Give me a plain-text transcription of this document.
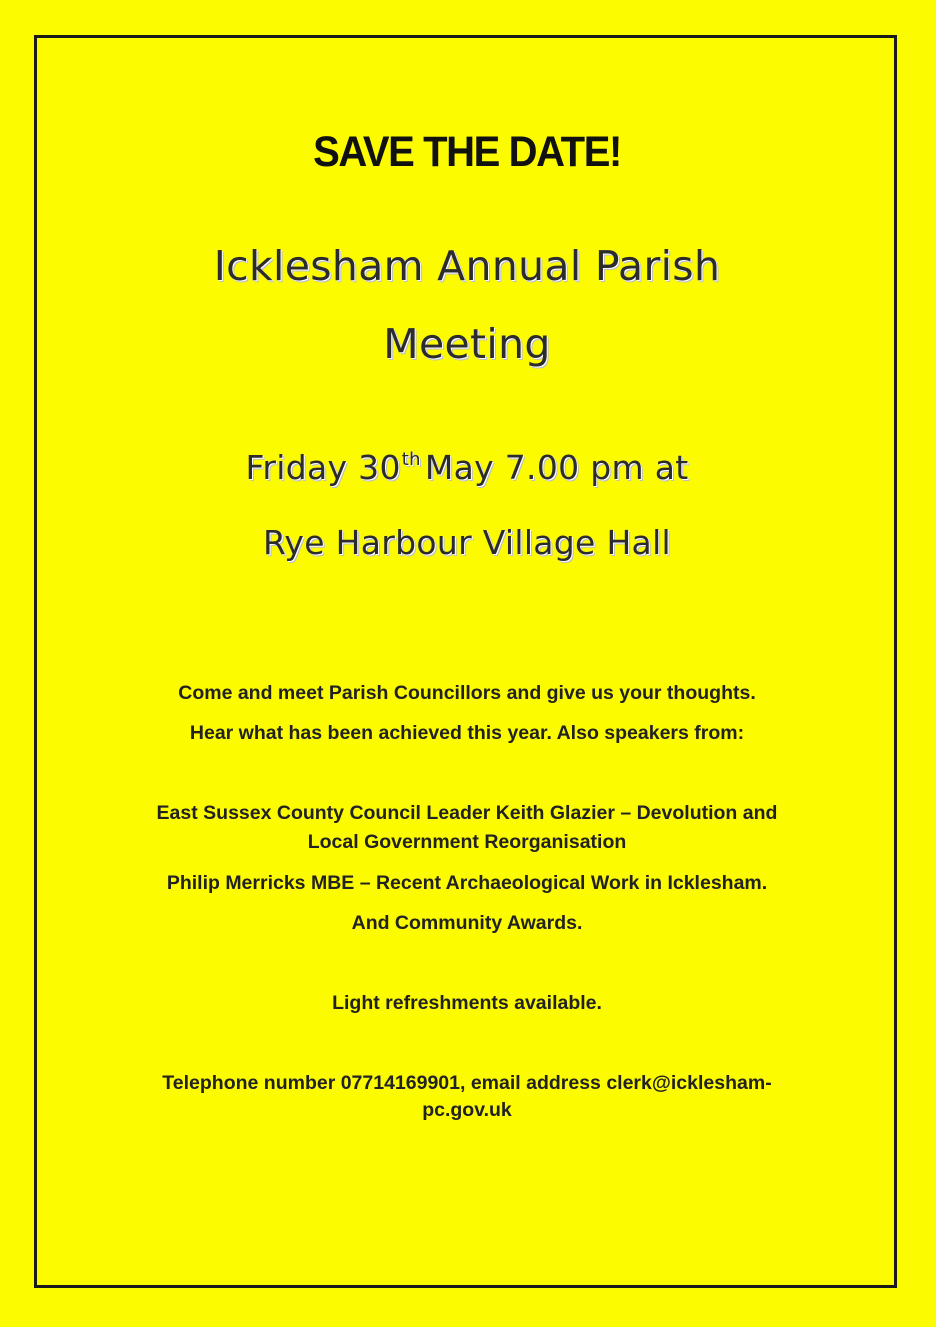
SAVE THE DATE!
Icklesham Annual Parish
Meeting
Friday 30th May 7.00 pm at
Rye Harbour Village Hall

Come and meet Parish Councillors and give us your thoughts.

Hear what has been achieved this year. Also speakers from:

East Sussex County Council Leader Keith Glazier – Devolution and

Local Government Reorganisation

Philip Merricks MBE – Recent Archaeological Work in Icklesham.

And Community Awards.

Light refreshments available.

Telephone number 07714169901, email address clerk@icklesham-

pc.gov.uk
